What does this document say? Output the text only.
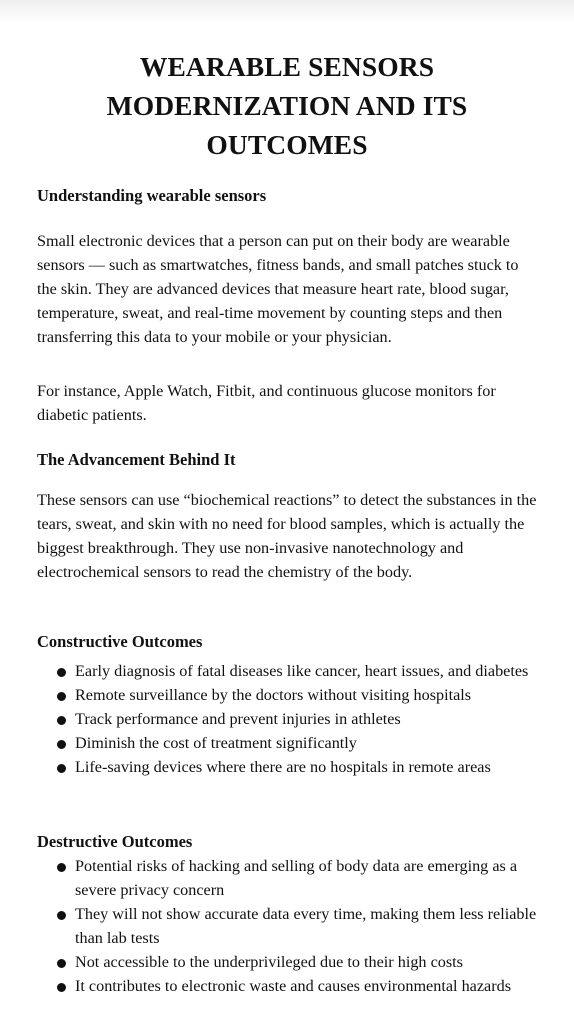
WEARABLE SENSORS MODERNIZATION AND ITS OUTCOMES
Understanding wearable sensors

Small electronic devices that a person can put on their body are wearable sensors — such as smartwatches, fitness bands, and small patches stuck to the skin. They are advanced devices that measure heart rate, blood sugar, temperature, sweat, and real-time movement by counting steps and then transferring this data to your mobile or your physician.

For instance, Apple Watch, Fitbit, and continuous glucose monitors for diabetic patients.

The Advancement Behind It

These sensors can use “biochemical reactions” to detect the substances in the tears, sweat, and skin with no need for blood samples, which is actually the biggest breakthrough. They use non-invasive nanotechnology and electrochemical sensors to read the chemistry of the body.

Constructive Outcomes
Early diagnosis of fatal diseases like cancer, heart issues, and diabetes
Remote surveillance by the doctors without visiting hospitals
Track performance and prevent injuries in athletes
Diminish the cost of treatment significantly
Life-saving devices where there are no hospitals in remote areas
Destructive Outcomes
Potential risks of hacking and selling of body data are emerging as a severe privacy concern
They will not show accurate data every time, making them less reliable than lab tests
Not accessible to the underprivileged due to their high costs
It contributes to electronic waste and causes environmental hazards
